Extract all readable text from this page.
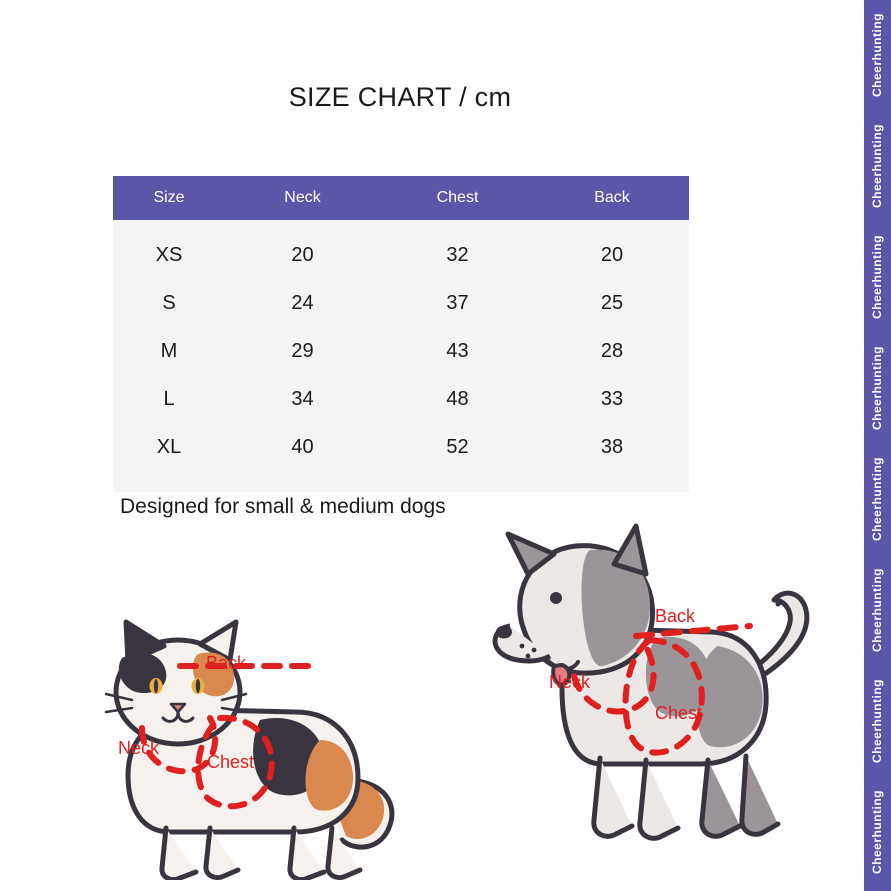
SIZE CHART / cm
Size	Neck	Chest	Back
XS	20	32	20
S	24	37	25
M	29	43	28
L	34	48	33
XL	40	52	38
Designed for small & medium dogs
Cheerhunting
Cheerhunting
Cheerhunting
Cheerhunting
Cheerhunting
Cheerhunting
Cheerhunting
Cheerhunting
Back
Neck
Chest
Back
Neck
Chest
